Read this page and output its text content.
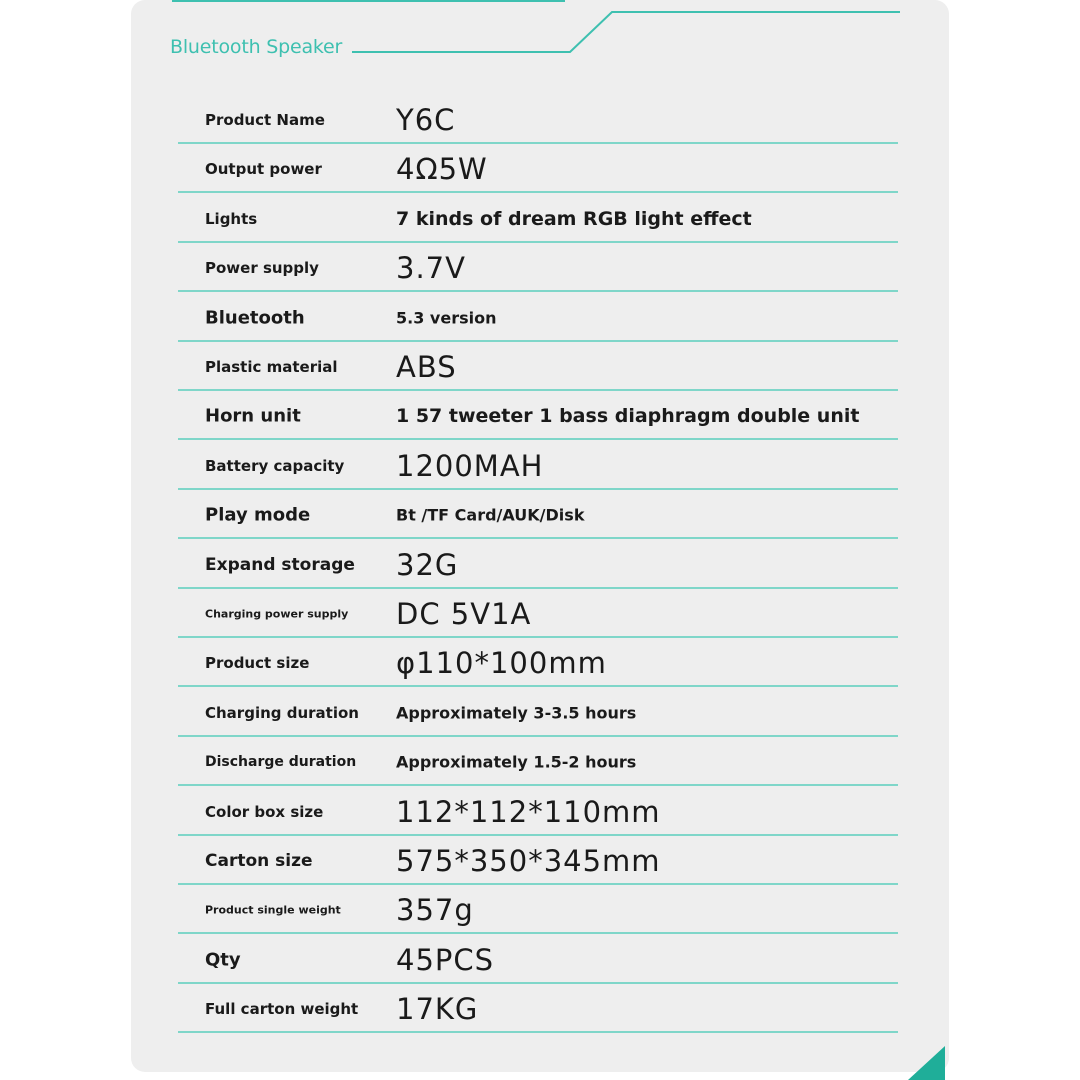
Bluetooth Speaker
Product Name Y6C
Output power	4Ω5W
Lights	7 kinds of dream RGB light effect
Power supply	3.7V
Bluetooth	5.3 version
Plastic material ABS
Horn unit	1 57 tweeter 1 bass diaphragm double unit
Battery capacity 1200MAH
Play mode	Bt /TF Card/AUK/Disk
Expand storage 32G
Charging power supply DC 5V1A
Product size	φ110*100mm
Charging duration Approximately 3-3.5 hours
Discharge duration Approximately 1.5-2 hours
Color box size	112*112*110mm
Carton size	575*350*345mm
Product single weight 357g
Qty	45PCS
Full carton weight 17KG
